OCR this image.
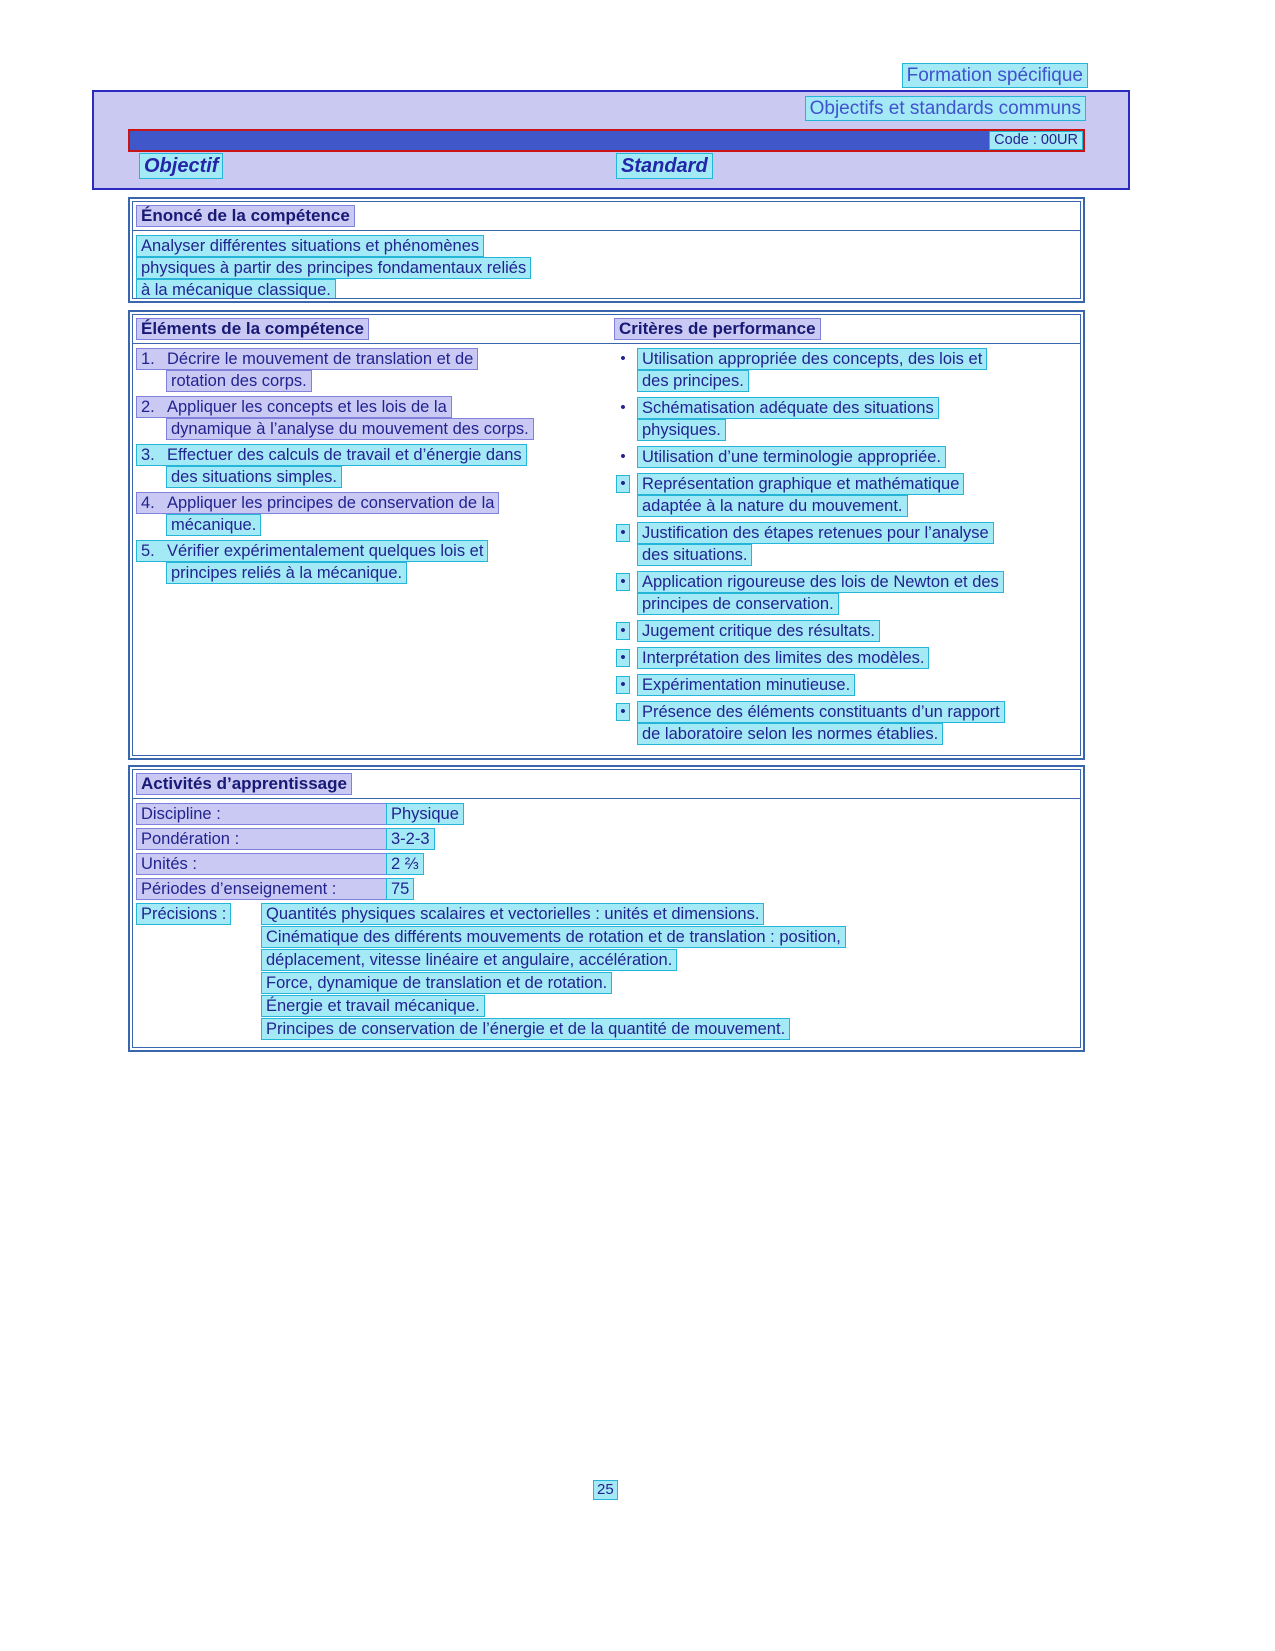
Formation spécifique
Objectifs et standards communs
Code : 00UR
Objectif	Standard
Énoncé de la compétence
Analyser différentes situations et phénomènes
physiques à partir des principes fondamentaux reliés
à la mécanique classique.
Éléments de la compétence	Critères de performance
1. Décrire le mouvement de translation et de
rotation des corps.
2. Appliquer les concepts et les lois de la
dynamique à l’analyse du mouvement des corps.
3. Effectuer des calculs de travail et d’énergie dans
des situations simples.
4. Appliquer les principes de conservation de la
mécanique.
5. Vérifier expérimentalement quelques lois et
principes reliés à la mécanique.
• Utilisation appropriée des concepts, des lois et
des principes.
• Schématisation adéquate des situations
physiques.
• Utilisation d’une terminologie appropriée.
• Représentation graphique et mathématique
adaptée à la nature du mouvement.
• Justification des étapes retenues pour l’analyse
des situations.
• Application rigoureuse des lois de Newton et des
principes de conservation.
• Jugement critique des résultats.
• Interprétation des limites des modèles.
• Expérimentation minutieuse.
• Présence des éléments constituants d’un rapport
de laboratoire selon les normes établies.
Activités d’apprentissage
Discipline :	Physique
Pondération :	3-2-3
Unités :	2 ⅔
Périodes d’enseignement :	75
Précisions :	Quantités physiques scalaires et vectorielles : unités et dimensions.
Cinématique des différents mouvements de rotation et de translation : position,
déplacement, vitesse linéaire et angulaire, accélération.
Force, dynamique de translation et de rotation.
Énergie et travail mécanique.
Principes de conservation de l’énergie et de la quantité de mouvement.
25
